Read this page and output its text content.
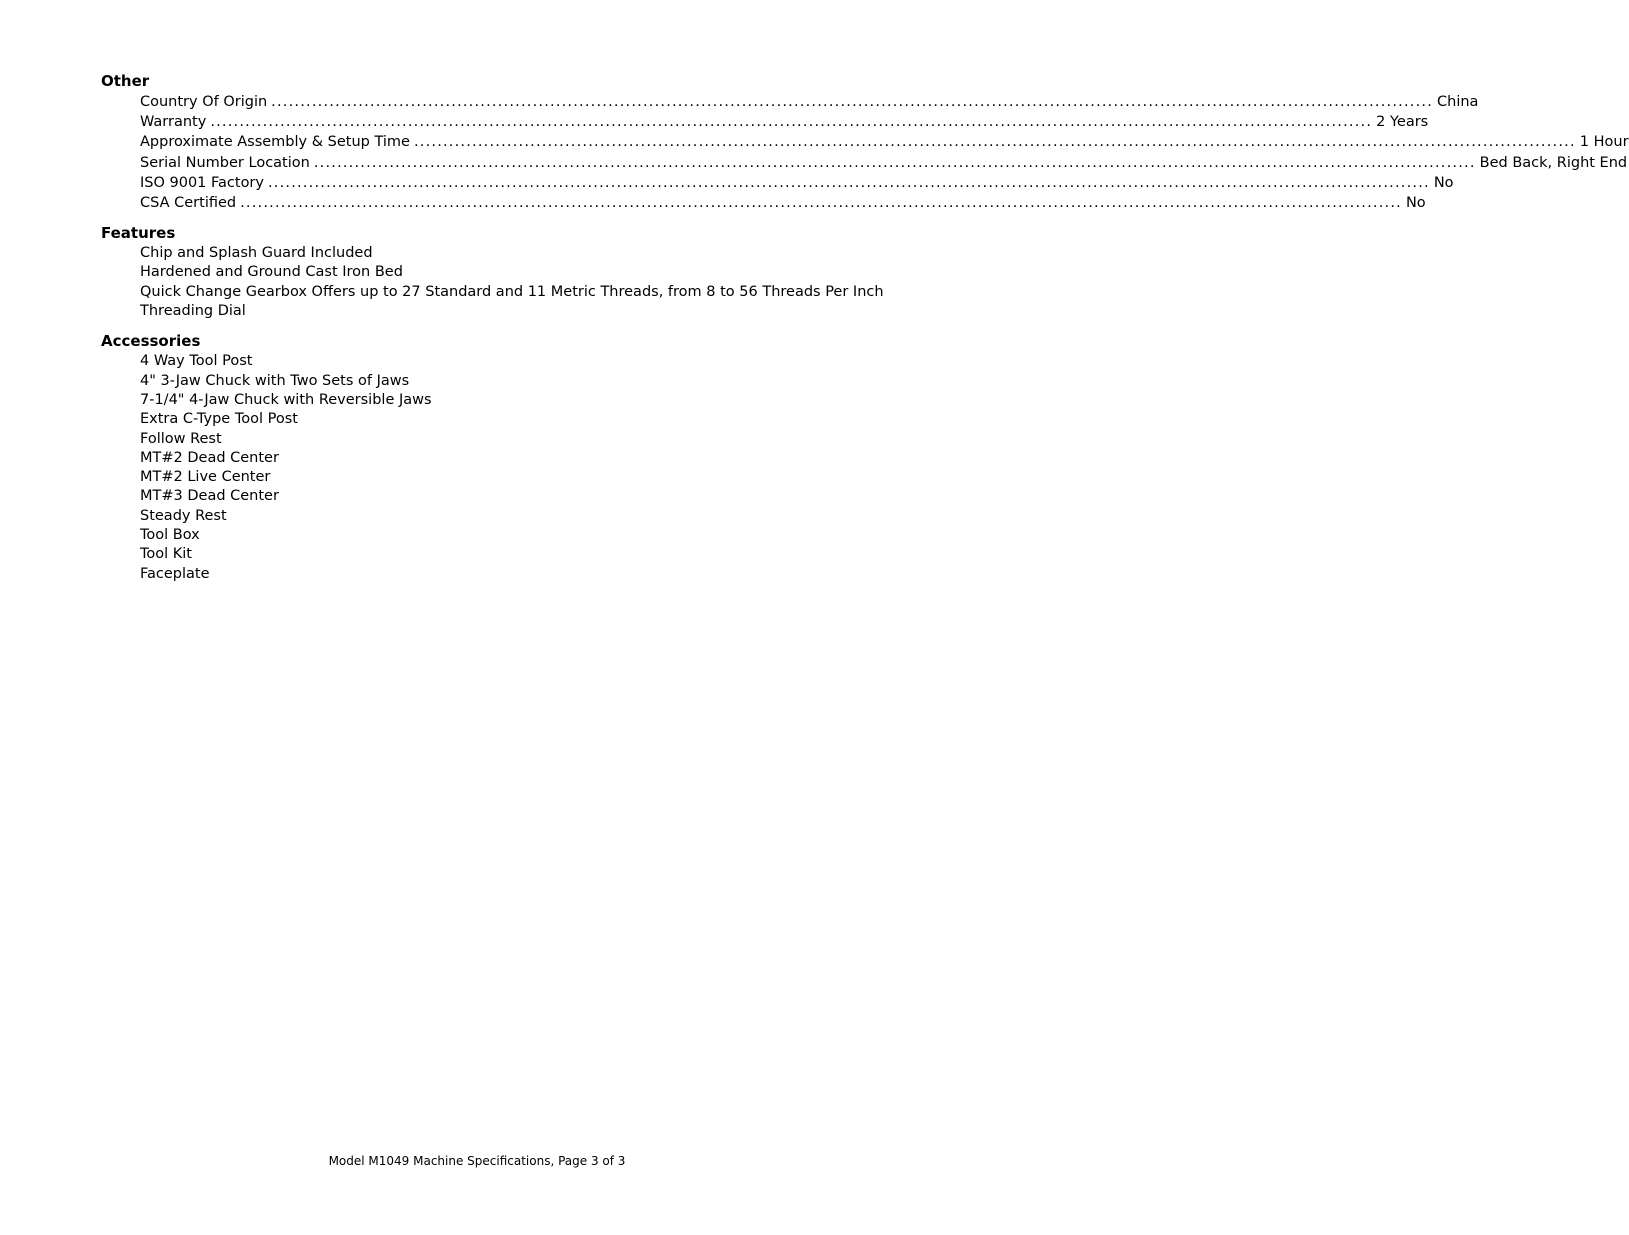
Other
Country Of Origin ........................................................................................................................................................................................................ China
Warranty ........................................................................................................................................................................................................ 2 Years
Approximate Assembly & Setup Time ........................................................................................................................................................................................................ 1 Hour
Serial Number Location ........................................................................................................................................................................................................ Bed Back, Right End
ISO 9001 Factory ........................................................................................................................................................................................................ No
CSA Certified ........................................................................................................................................................................................................ No
Features
Chip and Splash Guard Included
Hardened and Ground Cast Iron Bed
Quick Change Gearbox Offers up to 27 Standard and 11 Metric Threads, from 8 to 56 Threads Per Inch
Threading Dial
Accessories
4 Way Tool Post
4" 3-Jaw Chuck with Two Sets of Jaws
7-1/4" 4-Jaw Chuck with Reversible Jaws
Extra C-Type Tool Post
Follow Rest
MT#2 Dead Center
MT#2 Live Center
MT#3 Dead Center
Steady Rest
Tool Box
Tool Kit
Faceplate
Model M1049 Machine Specifications, Page 3 of 3
